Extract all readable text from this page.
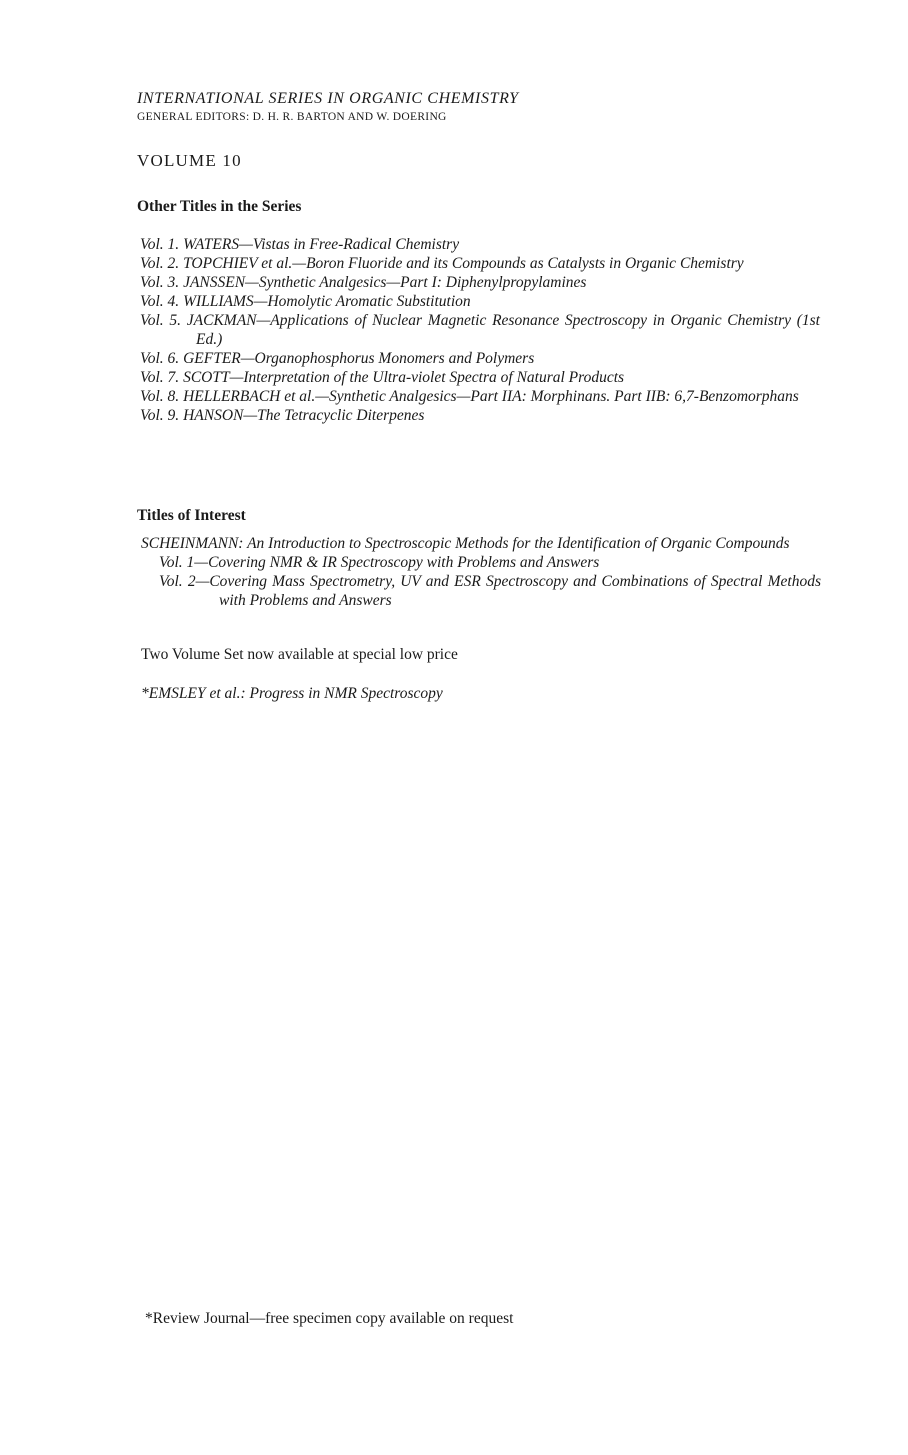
INTERNATIONAL SERIES IN ORGANIC CHEMISTRY
GENERAL EDITORS: D. H. R. BARTON AND W. DOERING
VOLUME 10
Other Titles in the Series
Vol. 1. WATERS—Vistas in Free-Radical Chemistry
Vol. 2. TOPCHIEV et al.—Boron Fluoride and its Compounds as Catalysts in Organic Chemistry
Vol. 3. JANSSEN—Synthetic Analgesics—Part I: Diphenylpropylamines
Vol. 4. WILLIAMS—Homolytic Aromatic Substitution
Vol. 5. JACKMAN—Applications of Nuclear Magnetic Resonance Spectroscopy in Organic Chemistry (1st Ed.)
Vol. 6. GEFTER—Organophosphorus Monomers and Polymers
Vol. 7. SCOTT—Interpretation of the Ultra-violet Spectra of Natural Products
Vol. 8. HELLERBACH et al.—Synthetic Analgesics—Part IIA: Morphinans. Part IIB: 6,7-Benzomorphans
Vol. 9. HANSON—The Tetracyclic Diterpenes
Titles of Interest

SCHEINMANN: An Introduction to Spectroscopic Methods for the Identification of Organic Compounds

Vol. 1—Covering NMR & IR Spectroscopy with Problems and Answers

Vol. 2—Covering Mass Spectrometry, UV and ESR Spectroscopy and Combinations of Spectral Methods with Problems and Answers

Two Volume Set now available at special low price
*EMSLEY et al.: Progress in NMR Spectroscopy
*Review Journal—free specimen copy available on request
